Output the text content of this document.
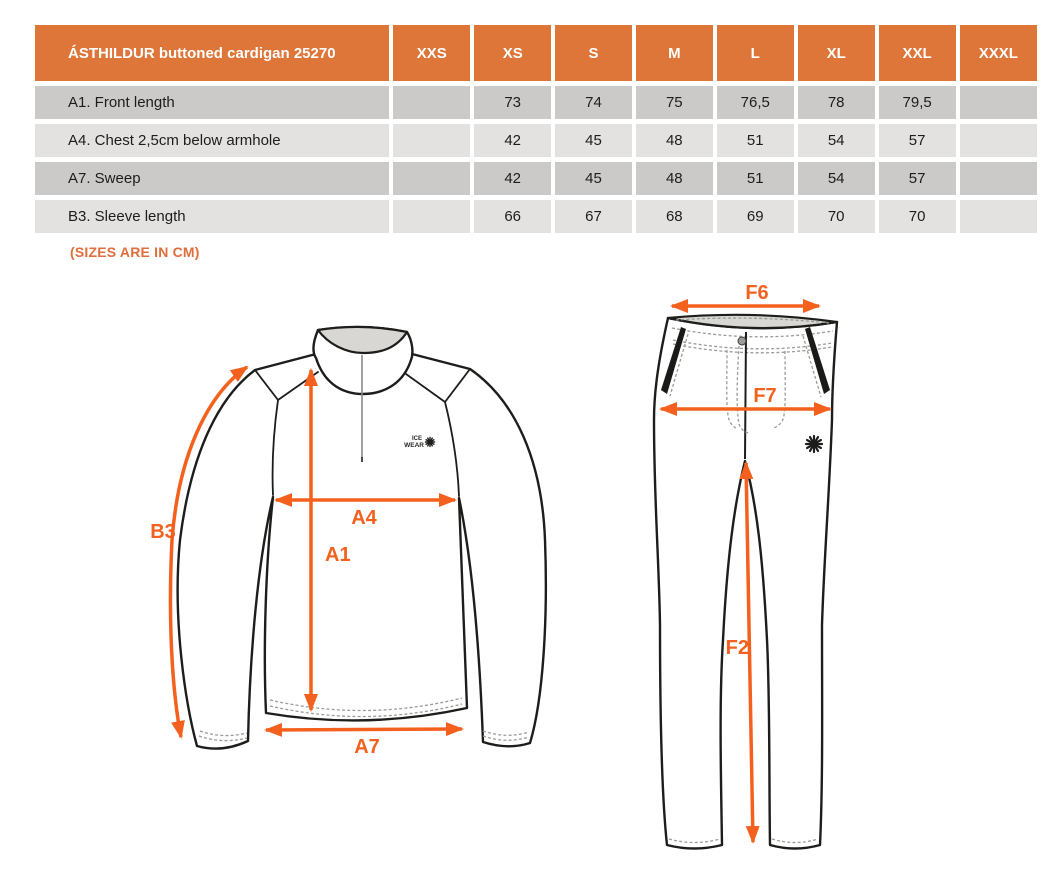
ÁSTHILDUR buttoned cardigan 25270	XXS	XS	S	M	L	XL	XXL	XXXL
A1. Front length		73	74	75	76,5	78	79,5	
A4. Chest 2,5cm below armhole		42	45	48	51	54	57	
A7. Sweep		42	45	48	51	54	57	
B3. Sleeve length		66	67	68	69	70	70	
(SIZES ARE IN CM)
ICE
WEAR
B3
A4
A1
A7
F6
F7
F2
